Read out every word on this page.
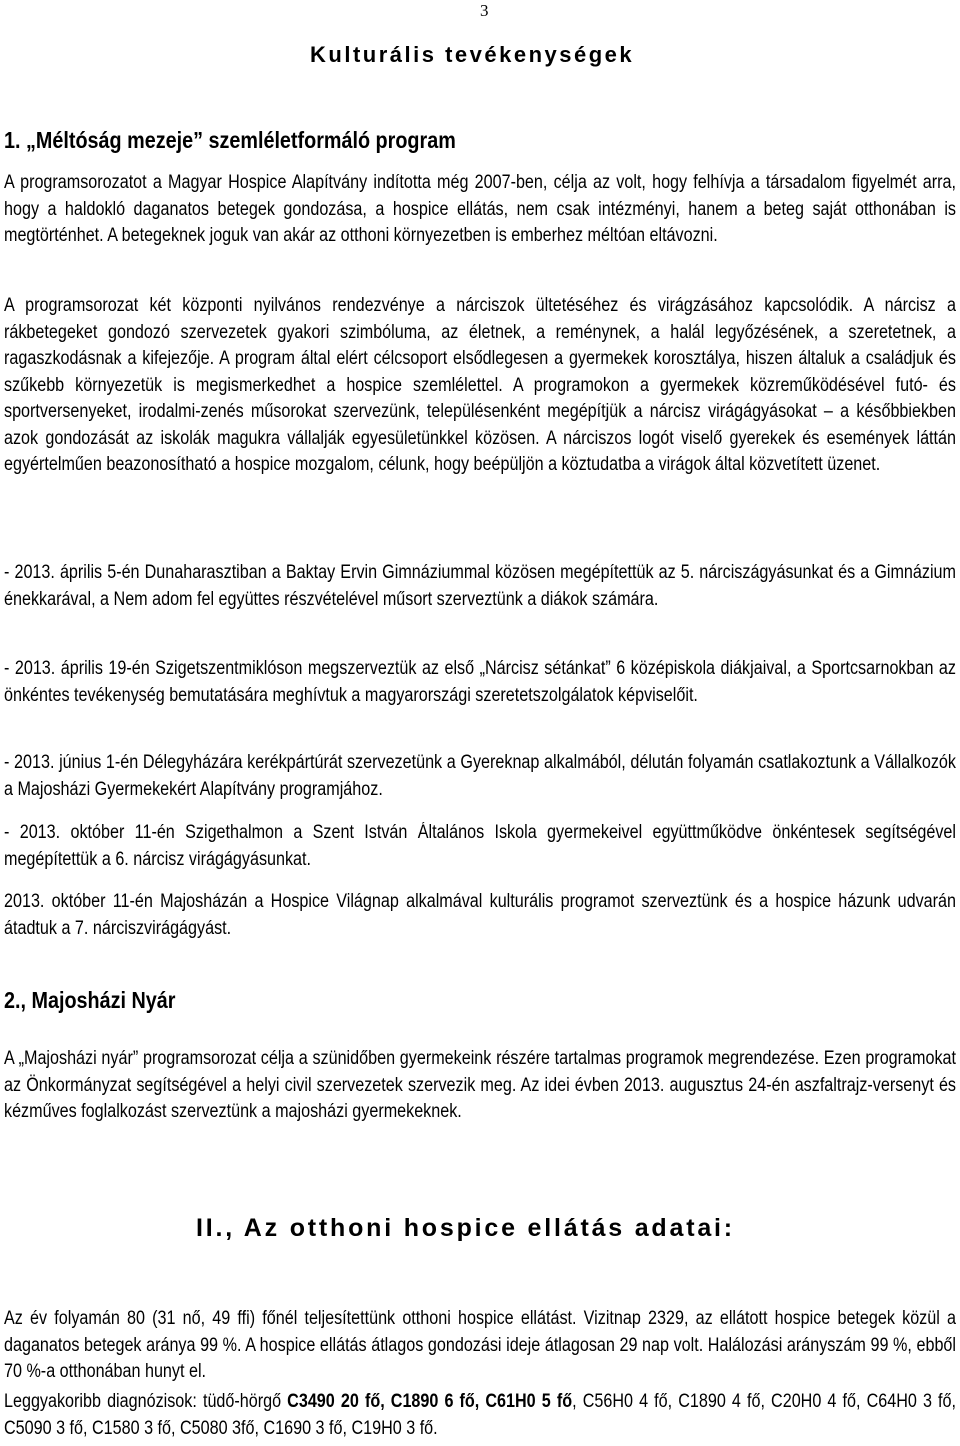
3
Kulturális tevékenységek
1. „Méltóság mezeje” szemléletformáló program

A programsorozatot a Magyar Hospice Alapítvány indította még 2007-ben, célja az volt, hogy felhívja a társadalom figyelmét arra, hogy a haldokló daganatos betegek gondozása, a hospice ellátás, nem csak intézményi, hanem a beteg saját otthonában is megtörténhet. A betegeknek joguk van akár az otthoni környezetben is emberhez méltóan eltávozni.

A programsorozat két központi nyilvános rendezvénye a nárciszok ültetéséhez és virágzásához kapcsolódik. A nárcisz a rákbetegeket gondozó szervezetek gyakori szimbóluma, az életnek, a reménynek, a halál legyőzésének, a szeretetnek, a ragaszkodásnak a kifejezője. A program által elért célcsoport elsődlegesen a gyermekek korosztálya, hiszen általuk a családjuk és szűkebb környezetük is megismerkedhet a hospice szemlélettel. A programokon a gyermekek közreműködésével futó- és sportversenyeket, irodalmi-zenés műsorokat szervezünk, településenként megépítjük a nárcisz virágágyásokat – a későbbiekben azok gondozását az iskolák magukra vállalják egyesületünkkel közösen. A nárciszos logót viselő gyerekek és események láttán egyértelműen beazonosítható a hospice mozgalom, célunk, hogy beépüljön a köztudatba a virágok által közvetített üzenet.

- 2013. április 5-én Dunaharasztiban a Baktay Ervin Gimnáziummal közösen megépítettük az 5. nárciszágyásunkat és a Gimnázium énekkarával, a Nem adom fel együttes részvételével műsort szerveztünk a diákok számára.

- 2013. április 19-én Szigetszentmiklóson megszerveztük az első „Nárcisz sétánkat” 6 középiskola diákjaival, a Sportcsarnokban az önkéntes tevékenység bemutatására meghívtuk a magyarországi szeretetszolgálatok képviselőit.

- 2013. június 1-én Délegyházára kerékpártúrát szervezetünk a Gyereknap alkalmából, délután folyamán csatlakoztunk a Vállalkozók a Majosházi Gyermekekért Alapítvány programjához.

- 2013. október 11-én Szigethalmon a Szent István Általános Iskola gyermekeivel együttműködve önkéntesek segítségével megépítettük a 6. nárcisz virágágyásunkat.

2013. október 11-én Majosházán a Hospice Világnap alkalmával kulturális programot szerveztünk és a hospice házunk udvarán átadtuk a 7. nárciszvirágágyást.

2., Majosházi Nyár

A „Majosházi nyár” programsorozat célja a szünidőben gyermekeink részére tartalmas programok megrendezése. Ezen programokat az Önkormányzat segítségével a helyi civil szervezetek szervezik meg. Az idei évben 2013. augusztus 24-én aszfaltrajz-versenyt és kézműves foglalkozást szerveztünk a majosházi gyermekeknek.

II., Az otthoni hospice ellátás adatai:

Az év folyamán 80 (31 nő, 49 ffi) főnél teljesítettünk otthoni hospice ellátást. Vizitnap 2329, az ellátott hospice betegek közül a daganatos betegek aránya 99 %. A hospice ellátás átlagos gondozási ideje átlagosan 29 nap volt. Halálozási arányszám 99 %, ebből 70 %-a otthonában hunyt el.

Leggyakoribb diagnózisok: tüdő-hörgő C3490 20 fő, C1890 6 fő, C61H0 5 fő, C56H0 4 fő, C1890 4 fő, C20H0 4 fő, C64H0 3 fő, C5090 3 fő, C1580 3 fő, C5080 3fő, C1690 3 fő, C19H0 3 fő.
